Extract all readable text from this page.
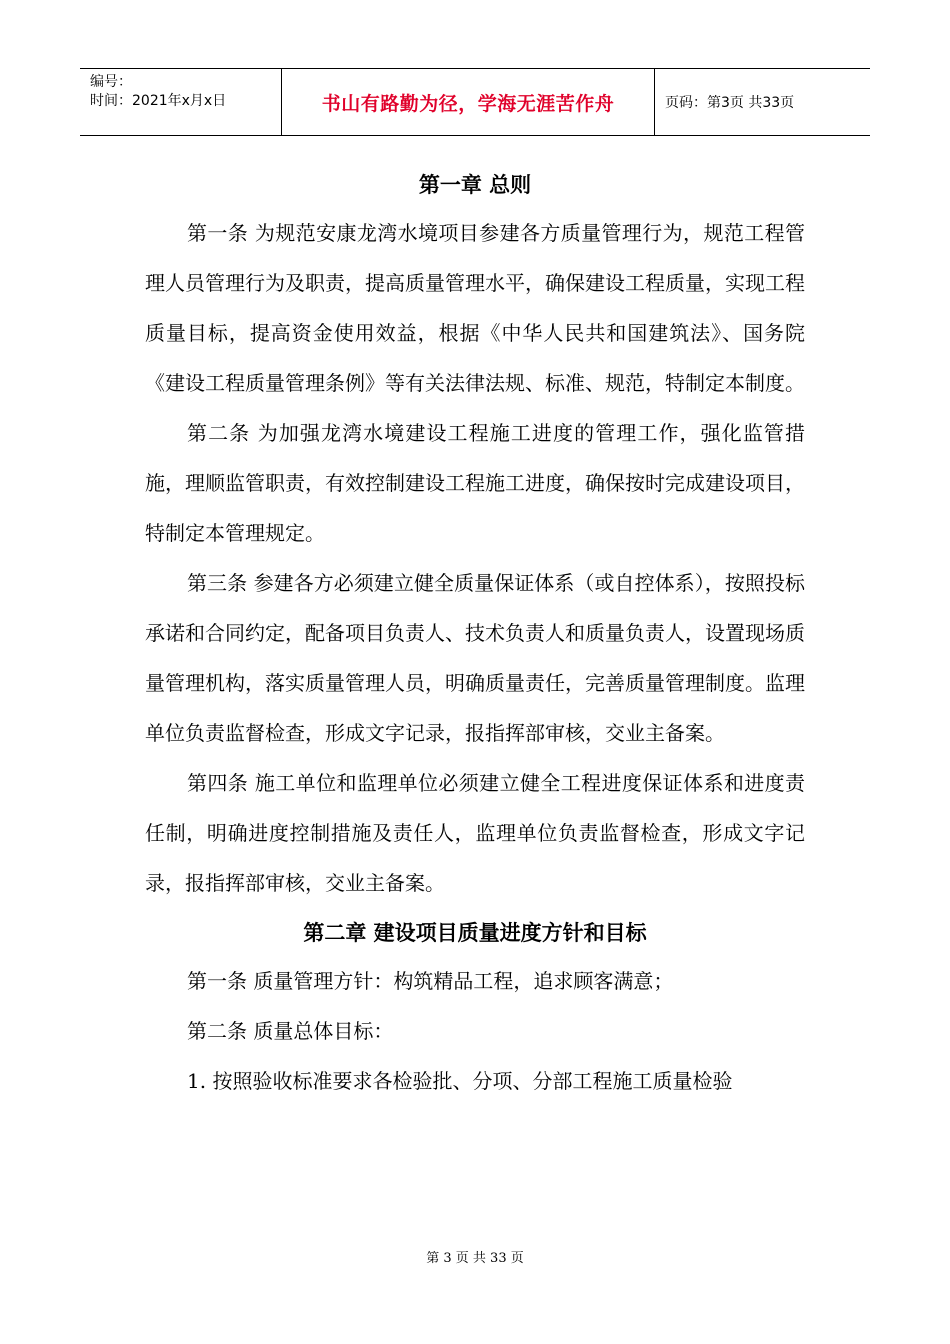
编号：
时间：2021年x月x日	书山有路勤为径，学海无涯苦作舟	页码：第3页 共33页
第一章 总则

第一条 为规范安康龙湾水境项目参建各方质量管理行为，规范工程管理人员管理行为及职责，提高质量管理水平，确保建设工程质量，实现工程质量目标，提高资金使用效益，根据《中华人民共和国建筑法》、国务院《建设工程质量管理条例》等有关法律法规、标准、规范，特制定本制度。

第二条 为加强龙湾水境建设工程施工进度的管理工作，强化监管措施，理顺监管职责，有效控制建设工程施工进度，确保按时完成建设项目，特制定本管理规定。

第三条 参建各方必须建立健全质量保证体系（或自控体系），按照投标承诺和合同约定，配备项目负责人、技术负责人和质量负责人，设置现场质量管理机构，落实质量管理人员，明确质量责任，完善质量管理制度。监理单位负责监督检查，形成文字记录，报指挥部审核，交业主备案。

第四条 施工单位和监理单位必须建立健全工程进度保证体系和进度责任制，明确进度控制措施及责任人，监理单位负责监督检查，形成文字记录，报指挥部审核，交业主备案。

第二章 建设项目质量进度方针和目标

第一条 质量管理方针：构筑精品工程，追求顾客满意；

第二条 质量总体目标：

1. 按照验收标准要求各检验批、分项、分部工程施工质量检验

第 3 页 共 33 页
